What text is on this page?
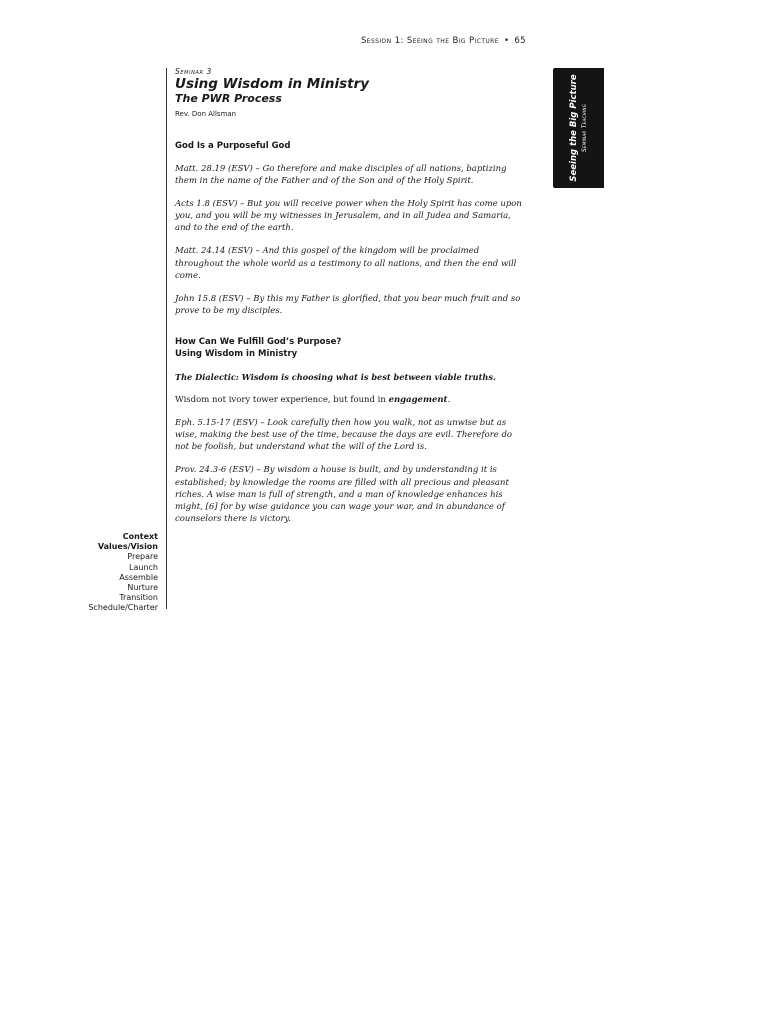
Session 1: Seeing the Big Picture • 65
Seeing the Big Picture Seminar Teaching
Seminar 3
Using Wisdom in Ministry
The PWR Process
Rev. Don Allsman
God Is a Purposeful God

Matt. 28.19 (ESV) – Go therefore and make disciples of all nations, baptizing them in the name of the Father and of the Son and of the Holy Spirit.

Acts 1.8 (ESV) – But you will receive power when the Holy Spirit has come upon you, and you will be my witnesses in Jerusalem, and in all Judea and Samaria, and to the end of the earth.

Matt. 24.14 (ESV) – And this gospel of the kingdom will be proclaimed throughout the whole world as a testimony to all nations, and then the end will come.

John 15.8 (ESV) – By this my Father is glorified, that you bear much fruit and so prove to be my disciples.

How Can We Fulfill God’s Purpose?
Using Wisdom in Ministry

The Dialectic: Wisdom is choosing what is best between viable truths.

Wisdom not ivory tower experience, but found in engagement.

Eph. 5.15-17 (ESV) – Look carefully then how you walk, not as unwise but as wise, making the best use of the time, because the days are evil. Therefore do not be foolish, but understand what the will of the Lord is.

Prov. 24.3-6 (ESV) – By wisdom a house is built, and by understanding it is established; by knowledge the rooms are filled with all precious and pleasant riches. A wise man is full of strength, and a man of knowledge enhances his might, [6] for by wise guidance you can wage your war, and in abundance of counselors there is victory.

Context
Values/Vision
Prepare
Launch
Assemble
Nurture
Transition
Schedule/Charter
